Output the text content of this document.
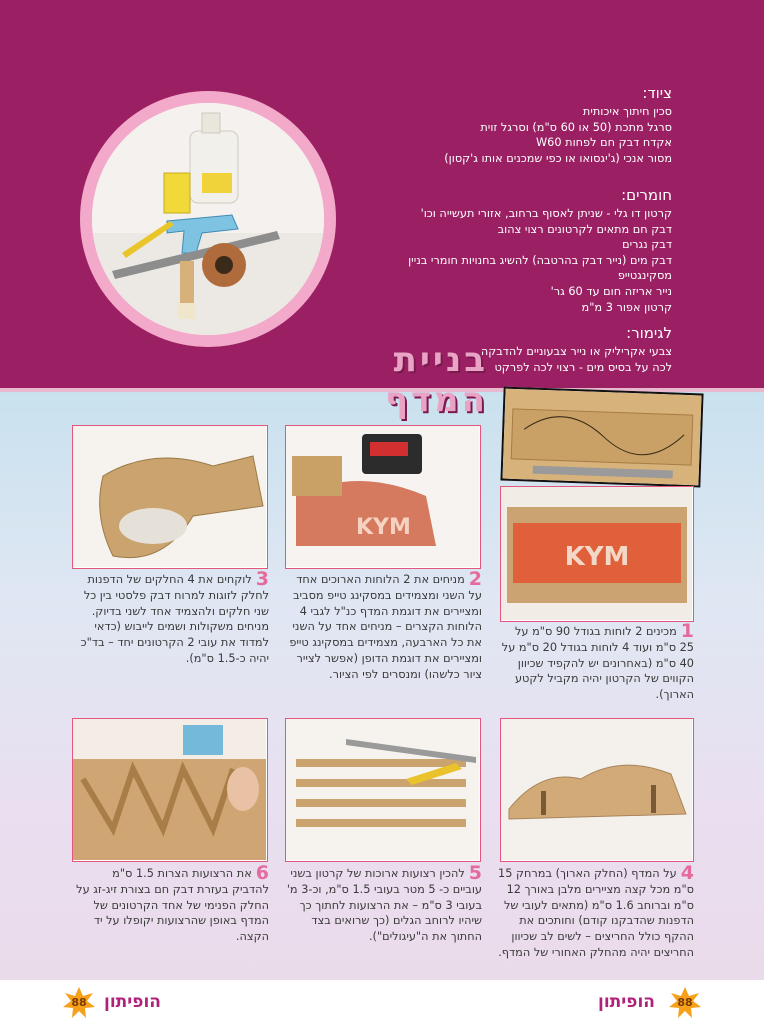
ציוד:
סכין חיתוך איכותית
סרגל מתכת (50 או 60 ס"מ) וסרגל זוית
אקדח דבק חם לפחות W60
מסור אנכי (ג'יגסואו או כפי שמכנים אותו ג'קסון)
חומרים:
קרטון דו גלי - שניתן לאסוף ברחוב, אזורי תעשייה וכו'
דבק חם מתאים לקרטונים רצוי צהוב
דבק נגרים
דבק מים (נייר דבק בהרטבה) להשיג בחנויות חומרי בניין
מסקינגטייפ
נייר אריזה חום עד 60 גר'
קרטון אפור 3 מ"מ
לגימור:
צבעי אקריליק או נייר צבעוניים להדבקה
לכה על בסיס מים - רצוי לכה לפרקט
בניית המדף
KYM
KYM
1מכינים 2 לוחות בגודל 90 ס"מ על 25 ס"מ ועוד 4 לוחות בגודל 20 ס"מ על 40 ס"מ (באחרונים יש להקפיד שכיוון הקווים של הקרטון יהיה מקביל לקטע הארוך).
2מניחים את 2 הלוחות הארוכים אחד על השני ומצמידים במסקינג טייפ מסביב ומציירים את דוגמת המדף כנ"ל לגבי 4 הלוחות הקצרים – מניחים אחד על השני את כל הארבעה, מצמידים במסקינג טייפ ומציירים את דוגמת הדופן (אפשר לצייר ציור כלשהו) ומנסרים לפי הציור.
3לוקחים את 4 החלקים של הדפנות לחלק לזוגות למרוח דבק פלסטי בין כל שני חלקים ולהצמיד אחד לשני בדיוק. מניחים משקולות ושמים לייבוש (כדאי למדוד את עובי 2 הקרטונים יחד – בד"כ יהיה כ-1.5 ס"מ).
4על המדף (החלק הארוך) במרחק 15 ס"מ מכל קצה מציירים מלבן באורך 12 ס"מ וברוחב 1.6 ס"מ (מתאים לעובי של הדפנות שהדבקנו קודם) וחותכים את ההקף כולל החריצים – לשים לב שכיוון החריצים יהיה מהחלק האחורי של המדף.
5להכין רצועות ארוכות של קרטון בשני עוביים כ- 5 מטר בעובי 1.5 ס"מ, וכ-3 מ' בעובי 3 ס"מ – את הרצועות לחתוך כך שיהיו לרוחב הגלים (כך שרואים בצד החתוך את ה"עיגולים").
6את הרצועות הצרות 1.5 ס"מ להדביק בעזרת דבק חם בצורת זיג-זג על החלק הפנימי של אחד הקרטונים של המדף באופן שהרצועות יקופלו על יד הקצה.
88	הופיתון	הופיתון	88
